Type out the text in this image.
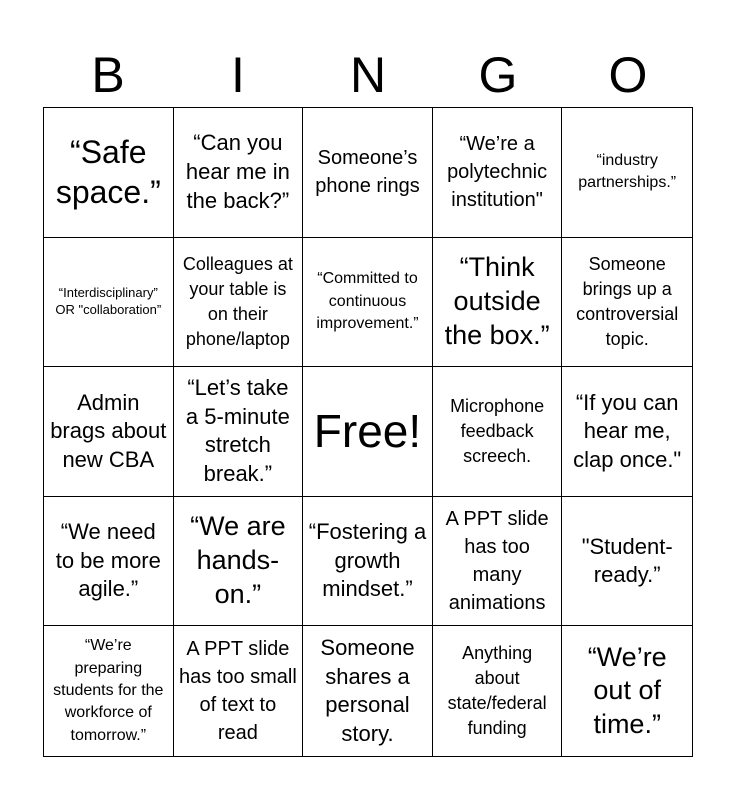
B	I	N	G	O
“Safe space.”
“Can you hear me in the back?”
Someone’s phone rings
“We’re a polytechnic institution"
“industry partnerships.”
“Interdisciplinary” OR "collaboration”
Colleagues at your table is on their phone/laptop
“Committed to continuous improvement.”
“Think outside the box.”
Someone brings up a controversial topic.
Admin brags about new CBA
“Let’s take a 5-minute stretch break.”
Free!	Microphone feedback screech.
“If you can hear me, clap once."
“We need to be more agile.”
“We are hands-on.”
“Fostering a growth mindset.”
A PPT slide has too many animations
"Student-ready.”
“We’re preparing students for the workforce of tomorrow.”
A PPT slide has too small of text to read
Someone shares a personal story.
Anything about state/federal funding
“We’re out of time.”
